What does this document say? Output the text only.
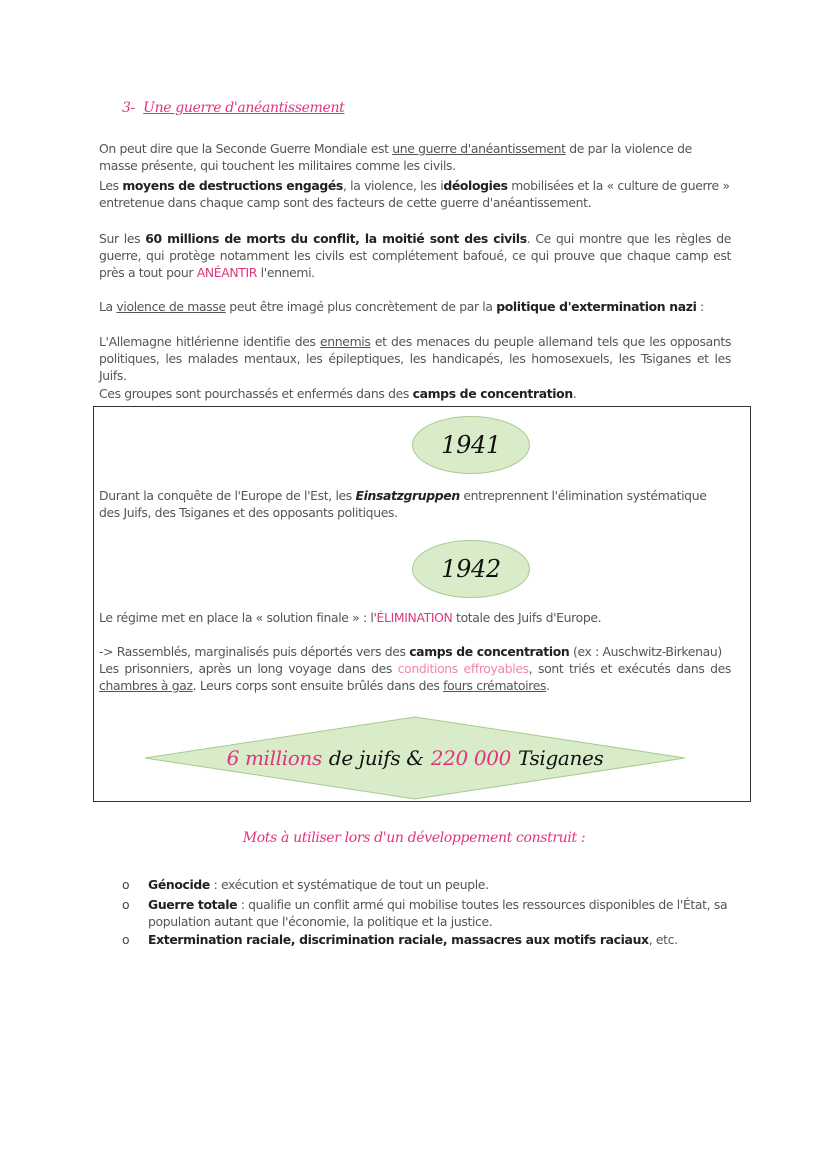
3- Une guerre d'anéantissement
On peut dire que la Seconde Guerre Mondiale est une guerre d'anéantissement de par la violence de masse présente, qui touchent les militaires comme les civils.
Les moyens de destructions engagés, la violence, les idéologies mobilisées et la « culture de guerre » entretenue dans chaque camp sont des facteurs de cette guerre d'anéantissement.
Sur les 60 millions de morts du conflit, la moitié sont des civils. Ce qui montre que les règles de guerre, qui protège notamment les civils est complétement bafoué, ce qui prouve que chaque camp est près a tout pour ANÉANTIR l'ennemi.
La violence de masse peut être imagé plus concrètement de par la politique d'extermination nazi :
L'Allemagne hitlérienne identifie des ennemis et des menaces du peuple allemand tels que les opposants politiques, les malades mentaux, les épileptiques, les handicapés, les homosexuels, les Tsiganes et les Juifs.
Ces groupes sont pourchassés et enfermés dans des camps de concentration.
1941
Durant la conquête de l'Europe de l'Est, les Einsatzgruppen entreprennent l'élimination systématique des Juifs, des Tsiganes et des opposants politiques.
1942
Le régime met en place la « solution finale » : l'ÉLIMINATION totale des Juifs d'Europe.
-> Rassemblés, marginalisés puis déportés vers des camps de concentration (ex : Auschwitz-Birkenau)
Les prisonniers, après un long voyage dans des conditions effroyables, sont triés et exécutés dans des chambres à gaz. Leurs corps sont ensuite brûlés dans des fours crématoires.
6 millions de juifs & 220 000 Tsiganes
Mots à utiliser lors d'un développement construit :
o Génocide : exécution et systématique de tout un peuple.
o Guerre totale : qualifie un conflit armé qui mobilise toutes les ressources disponibles de l'État, sa population autant que l'économie, la politique et la justice.
o Extermination raciale, discrimination raciale, massacres aux motifs raciaux, etc.
